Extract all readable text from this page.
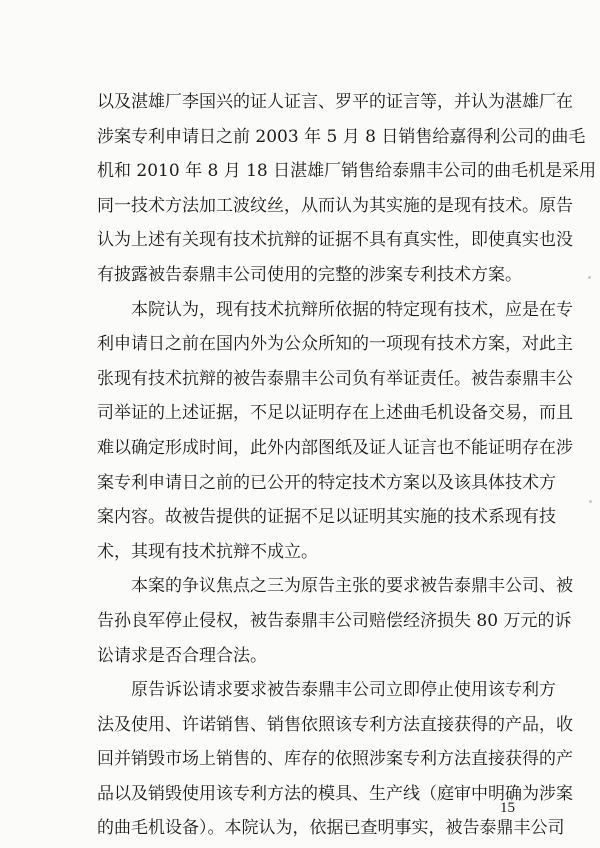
以及湛雄厂李国兴的证人证言、罗平的证言等，并认为湛雄厂在
涉案专利申请日之前 2003 年 5 月 8 日销售给嘉得利公司的曲毛
机和 2010 年 8 月 18 日湛雄厂销售给泰鼎丰公司的曲毛机是采用
同一技术方法加工波纹丝，从而认为其实施的是现有技术。原告
认为上述有关现有技术抗辩的证据不具有真实性，即使真实也没
有披露被告泰鼎丰公司使用的完整的涉案专利技术方案。
本院认为，现有技术抗辩所依据的特定现有技术，应是在专
利申请日之前在国内外为公众所知的一项现有技术方案，对此主
张现有技术抗辩的被告泰鼎丰公司负有举证责任。被告泰鼎丰公
司举证的上述证据，不足以证明存在上述曲毛机设备交易，而且
难以确定形成时间，此外内部图纸及证人证言也不能证明存在涉
案专利申请日之前的已公开的特定技术方案以及该具体技术方
案内容。故被告提供的证据不足以证明其实施的技术系现有技
术，其现有技术抗辩不成立。
本案的争议焦点之三为原告主张的要求被告泰鼎丰公司、被
告孙良军停止侵权，被告泰鼎丰公司赔偿经济损失 80 万元的诉
讼请求是否合理合法。
原告诉讼请求要求被告泰鼎丰公司立即停止使用该专利方
法及使用、许诺销售、销售依照该专利方法直接获得的产品，收
回并销毁市场上销售的、库存的依照涉案专利方法直接获得的产
品以及销毁使用该专利方法的模具、生产线（庭审中明确为涉案
的曲毛机设备）。本院认为，依据已查明事实，被告泰鼎丰公司
15
